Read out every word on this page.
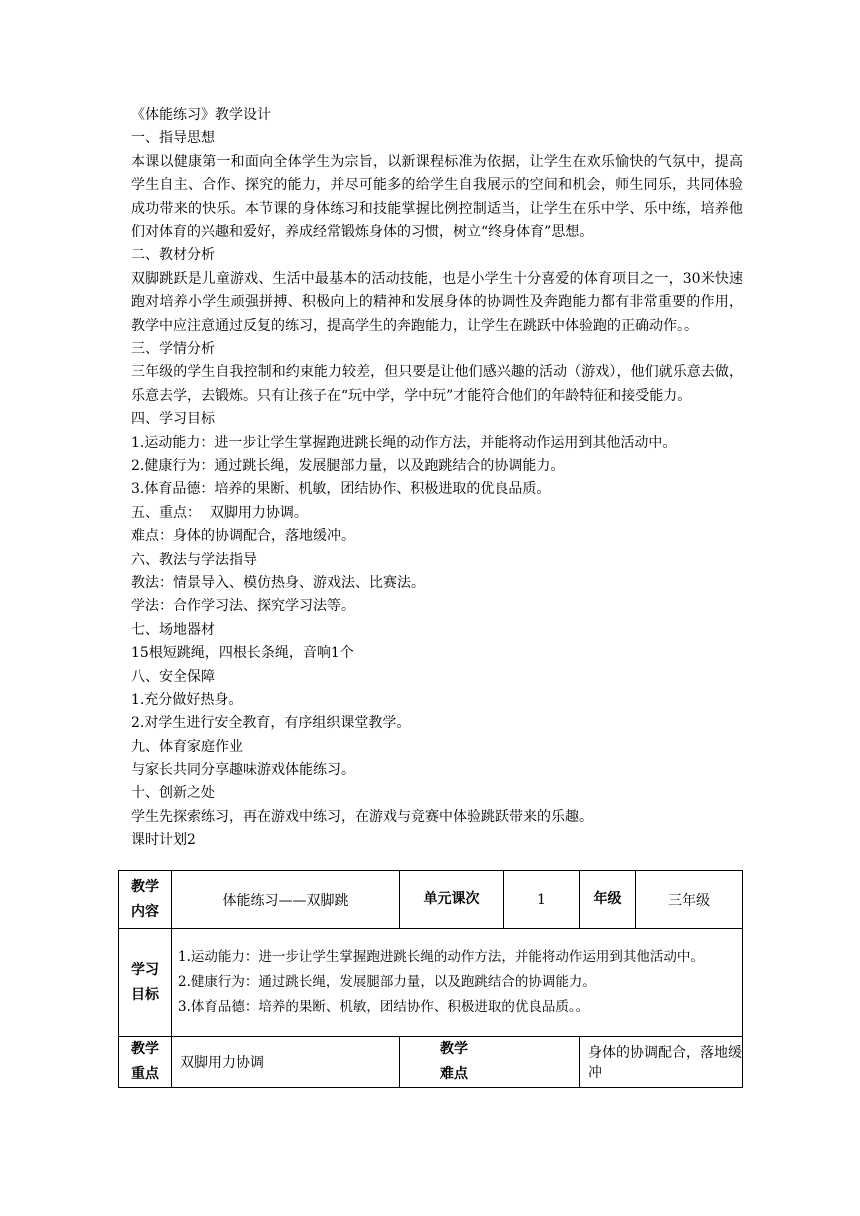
《体能练习》教学设计
一、指导思想
本课以健康第一和面向全体学生为宗旨，以新课程标准为依据，让学生在欢乐愉快的气氛中，提高学生自主、合作、探究的能力，并尽可能多的给学生自我展示的空间和机会，师生同乐，共同体验成功带来的快乐。本节课的身体练习和技能掌握比例控制适当，让学生在乐中学、乐中练，培养他们对体育的兴趣和爱好，养成经常锻炼身体的习惯，树立“终身体育”思想。
二、教材分析
双脚跳跃是儿童游戏、生活中最基本的活动技能，也是小学生十分喜爱的体育项目之一，30米快速跑对培养小学生顽强拼搏、积极向上的精神和发展身体的协调性及奔跑能力都有非常重要的作用，教学中应注意通过反复的练习，提高学生的奔跑能力，让学生在跳跃中体验跑的正确动作。。
三、学情分析
三年级的学生自我控制和约束能力较差，但只要是让他们感兴趣的活动（游戏），他们就乐意去做，乐意去学，去锻炼。只有让孩子在“玩中学，学中玩”才能符合他们的年龄特征和接受能力。
四、学习目标
1.运动能力：进一步让学生掌握跑进跳长绳的动作方法，并能将动作运用到其他活动中。
2.健康行为：通过跳长绳，发展腿部力量，以及跑跳结合的协调能力。
3.体育品德：培养的果断、机敏，团结协作、积极进取的优良品质。
五、重点：  双脚用力协调。
难点：身体的协调配合，落地缓冲。
六、教法与学法指导
教法：情景导入、模仿热身、游戏法、比赛法。
学法：合作学习法、探究学习法等。
七、场地器材
15根短跳绳，四根长条绳，音响1个
八、安全保障
1.充分做好热身。
2.对学生进行安全教育，有序组织课堂教学。
九、体育家庭作业
与家长共同分享趣味游戏体能练习。
十、创新之处
学生先探索练习，再在游戏中练习，在游戏与竞赛中体验跳跃带来的乐趣。
课时计划2
教学内容	体能练习——双脚跳	单元课次	1	年级	三年级
学习目标	1.运动能力：进一步让学生掌握跑进跳长绳的动作方法，并能将动作运用到其他活动中。
2.健康行为：通过跳长绳，发展腿部力量，以及跑跳结合的协调能力。
3.体育品德：培养的果断、机敏，团结协作、积极进取的优良品质。。				

教学重点	双脚用力协调	教学难点		身体的协调配合，落地缓冲	
